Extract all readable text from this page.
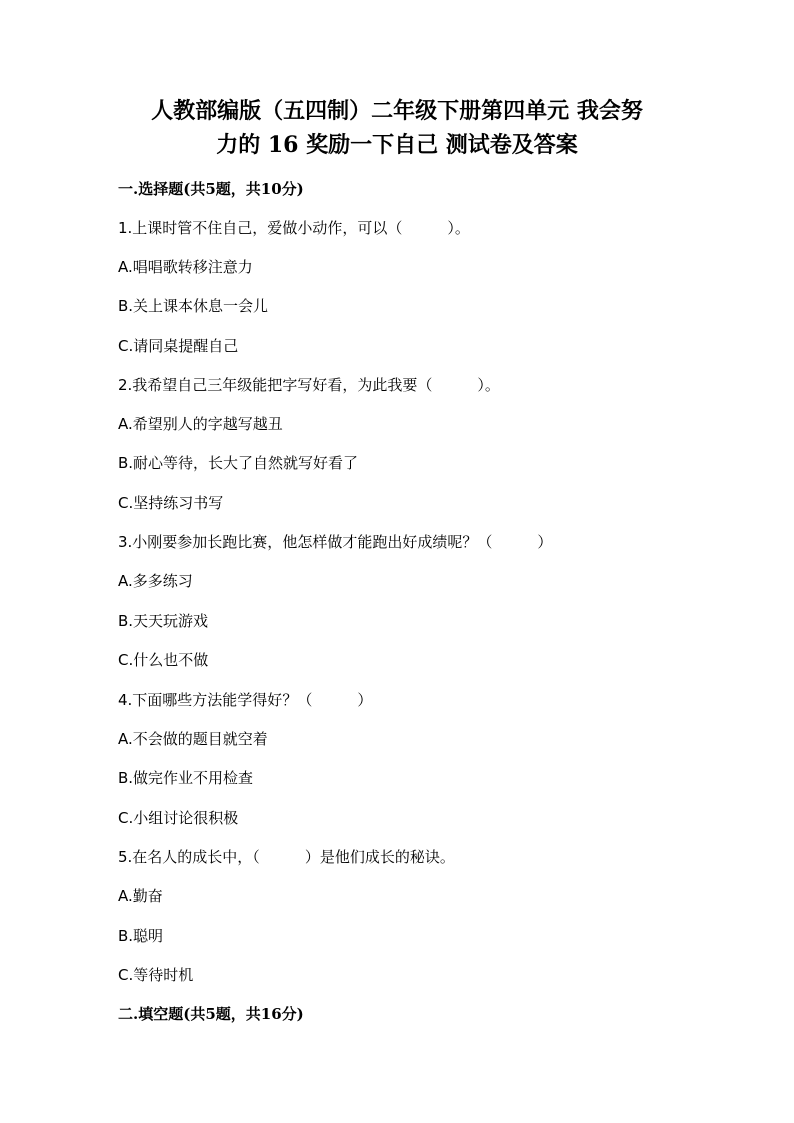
人教部编版（五四制）二年级下册第四单元 我会努
力的 16 奖励一下自己 测试卷及答案
一.选择题(共5题，共10分)
1.上课时管不住自己，爱做小动作，可以（　　　）。
A.唱唱歌转移注意力
B.关上课本休息一会儿
C.请同桌提醒自己
2.我希望自己三年级能把字写好看，为此我要（　　　）。
A.希望别人的字越写越丑
B.耐心等待，长大了自然就写好看了
C.坚持练习书写
3.小刚要参加长跑比赛，他怎样做才能跑出好成绩呢？（　　　）
A.多多练习
B.天天玩游戏
C.什么也不做
4.下面哪些方法能学得好？（　　　）
A.不会做的题目就空着
B.做完作业不用检查
C.小组讨论很积极
5.在名人的成长中，（　　　）是他们成长的秘诀。
A.勤奋
B.聪明
C.等待时机
二.填空题(共5题，共16分)
